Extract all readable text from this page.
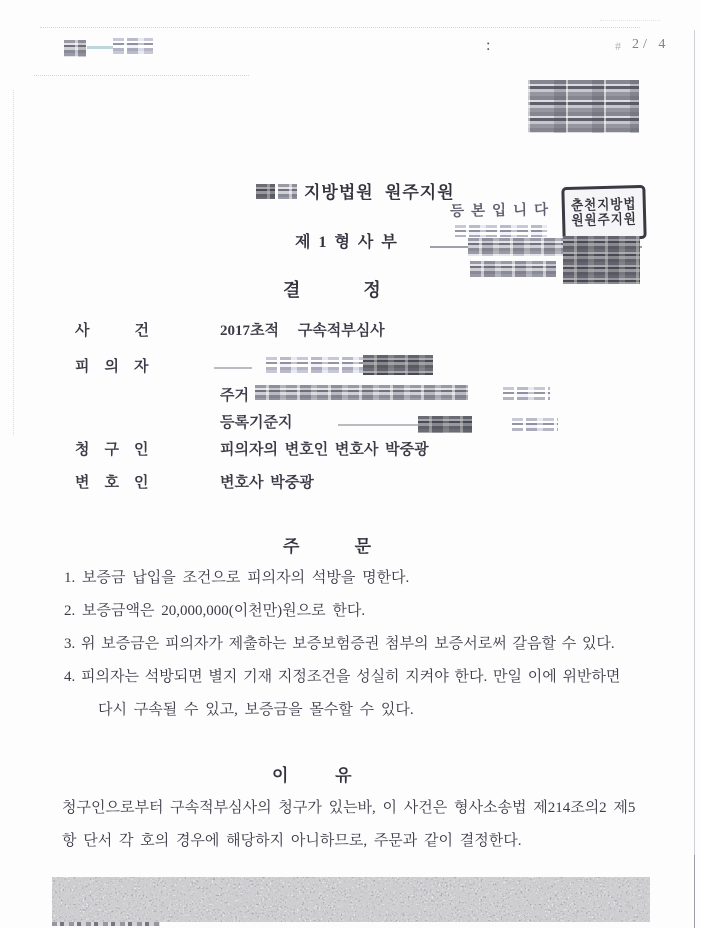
:	# 2/ 4
지방법원 원주지원
등본입니다 춘천지방법
원원주지원
제1형사부
결              정
사            건	2017초적     구속적부심사
피    의    자
주거
등록기준지
청    구    인	피의자의 변호인 변호사 박중광
변    호    인	변호사 박중광
주             문
1. 보증금 납입을 조건으로 피의자의 석방을 명한다.
2. 보증금액은 20,000,000(이천만)원으로 한다.
3. 위 보증금은 피의자가 제출하는 보증보험증권 첨부의 보증서로써 갈음할 수 있다.
4. 피의자는 석방되면 별지 기재 지정조건을 성실히 지켜야 한다. 만일 이에 위반하면
다시 구속될 수 있고, 보증금을 몰수할 수 있다.
이           유
청구인으로부터 구속적부심사의 청구가 있는바, 이 사건은 형사소송법 제214조의2 제5
항 단서 각 호의 경우에 해당하지 아니하므로, 주문과 같이 결정한다.
